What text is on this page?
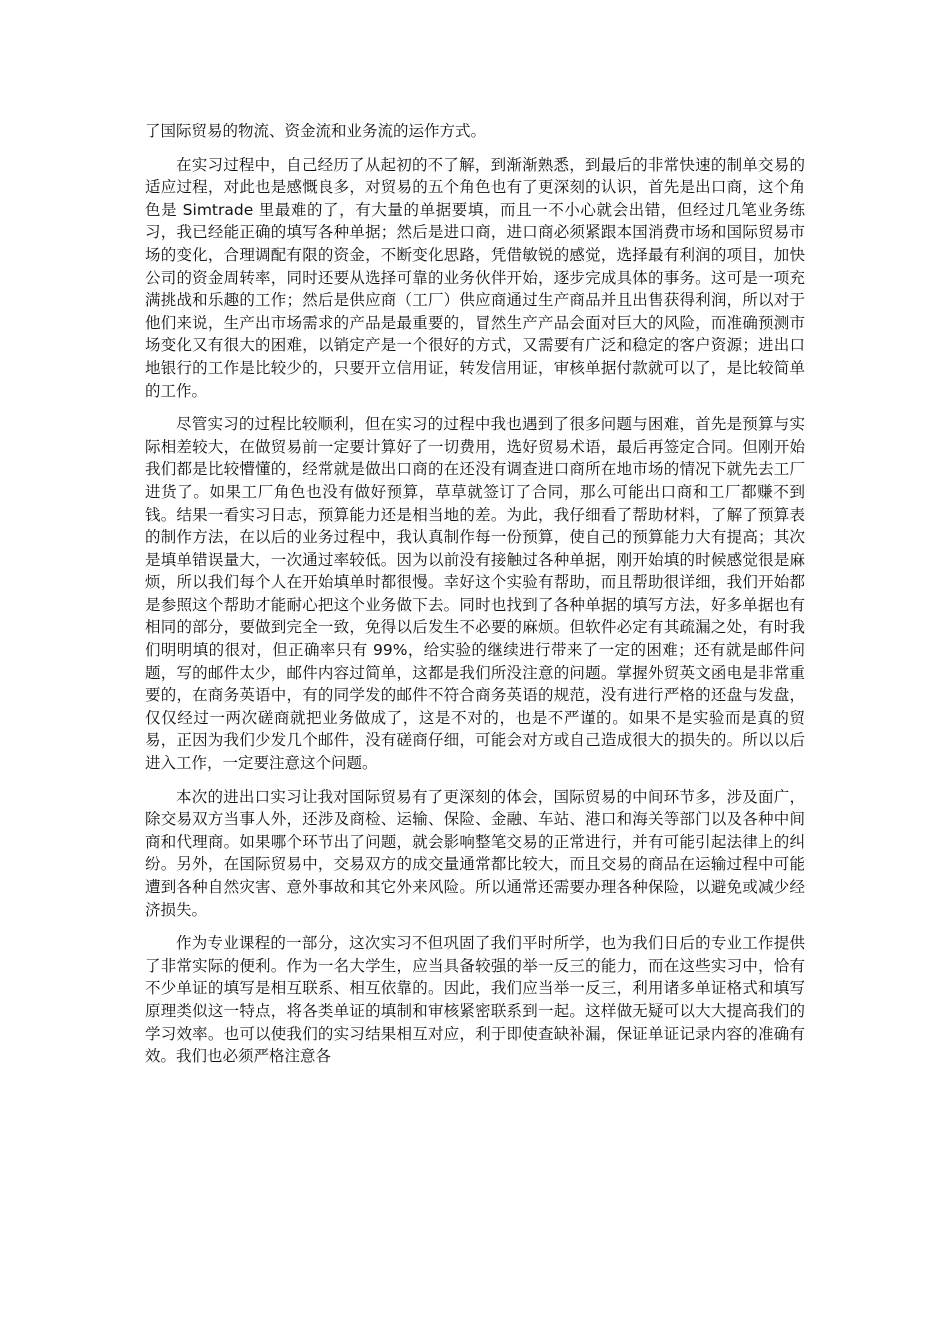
了国际贸易的物流、资金流和业务流的运作方式。

在实习过程中，自己经历了从起初的不了解，到渐渐熟悉，到最后的非常快速的制单交易的适应过程，对此也是感慨良多，对贸易的五个角色也有了更深刻的认识，首先是出口商，这个角色是 Simtrade 里最难的了，有大量的单据要填，而且一不小心就会出错，但经过几笔业务练习，我已经能正确的填写各种单据；然后是进口商，进口商必须紧跟本国消费市场和国际贸易市场的变化，合理调配有限的资金，不断变化思路，凭借敏锐的感觉，选择最有利润的项目，加快公司的资金周转率，同时还要从选择可靠的业务伙伴开始，逐步完成具体的事务。这可是一项充满挑战和乐趣的工作；然后是供应商（工厂）供应商通过生产商品并且出售获得利润，所以对于他们来说，生产出市场需求的产品是最重要的，冒然生产产品会面对巨大的风险，而准确预测市场变化又有很大的困难，以销定产是一个很好的方式，又需要有广泛和稳定的客户资源；进出口地银行的工作是比较少的，只要开立信用证，转发信用证，审核单据付款就可以了，是比较简单的工作。

尽管实习的过程比较顺利，但在实习的过程中我也遇到了很多问题与困难，首先是预算与实际相差较大，在做贸易前一定要计算好了一切费用，选好贸易术语，最后再签定合同。但刚开始我们都是比较懵懂的，经常就是做出口商的在还没有调查进口商所在地市场的情况下就先去工厂进货了。如果工厂角色也没有做好预算，草草就签订了合同，那么可能出口商和工厂都赚不到钱。结果一看实习日志，预算能力还是相当地的差。为此，我仔细看了帮助材料，了解了预算表的制作方法，在以后的业务过程中，我认真制作每一份预算，使自己的预算能力大有提高；其次是填单错误量大，一次通过率较低。因为以前没有接触过各种单据，刚开始填的时候感觉很是麻烦，所以我们每个人在开始填单时都很慢。幸好这个实验有帮助，而且帮助很详细，我们开始都是参照这个帮助才能耐心把这个业务做下去。同时也找到了各种单据的填写方法，好多单据也有相同的部分，要做到完全一致，免得以后发生不必要的麻烦。但软件必定有其疏漏之处，有时我们明明填的很对，但正确率只有 99%，给实验的继续进行带来了一定的困难；还有就是邮件问题，写的邮件太少，邮件内容过简单，这都是我们所没注意的问题。掌握外贸英文函电是非常重要的，在商务英语中，有的同学发的邮件不符合商务英语的规范，没有进行严格的还盘与发盘，仅仅经过一两次磋商就把业务做成了，这是不对的，也是不严谨的。如果不是实验而是真的贸易，正因为我们少发几个邮件，没有磋商仔细，可能会对方或自己造成很大的损失的。所以以后进入工作，一定要注意这个问题。

本次的进出口实习让我对国际贸易有了更深刻的体会，国际贸易的中间环节多，涉及面广，除交易双方当事人外，还涉及商检、运输、保险、金融、车站、港口和海关等部门以及各种中间商和代理商。如果哪个环节出了问题，就会影响整笔交易的正常进行，并有可能引起法律上的纠纷。另外，在国际贸易中，交易双方的成交量通常都比较大，而且交易的商品在运输过程中可能遭到各种自然灾害、意外事故和其它外来风险。所以通常还需要办理各种保险，以避免或减少经济损失。

作为专业课程的一部分，这次实习不但巩固了我们平时所学，也为我们日后的专业工作提供了非常实际的便利。作为一名大学生，应当具备较强的举一反三的能力，而在这些实习中，恰有不少单证的填写是相互联系、相互依靠的。因此，我们应当举一反三，利用诸多单证格式和填写原理类似这一特点，将各类单证的填制和审核紧密联系到一起。这样做无疑可以大大提高我们的学习效率。也可以使我们的实习结果相互对应，利于即使查缺补漏，保证单证记录内容的准确有效。我们也必须严格注意各
